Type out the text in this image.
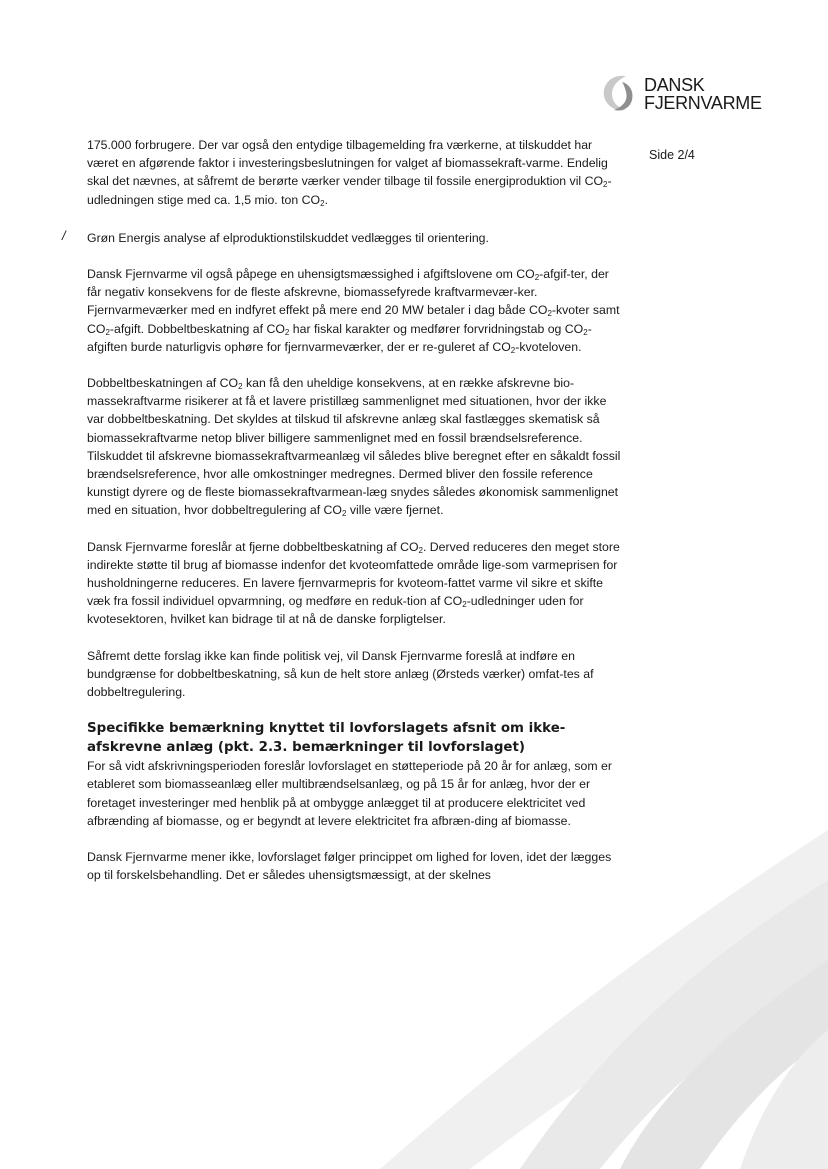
DANSK
FJERNVARME
Side 2/4
/

175.000 forbrugere. Der var også den entydige tilbagemelding fra værkerne, at tilskuddet har været en afgørende faktor i investeringsbeslutningen for valget af biomassekraft-varme. Endelig skal det nævnes, at såfremt de berørte værker vender tilbage til fossile energiproduktion vil $CO_2-$ udledningen stige med ca. 1,5 mio. ton $CO_2$.

Grøn Energis analyse af elproduktionstilskuddet vedlægges til orientering.

Dansk Fjernvarme vil også påpege en uhensigtsmæssighed i afgiftslovene om $CO_2-afgif$-ter, der får negativ konsekvens for de fleste afskrevne, biomassefyrede kraftvarmevær-ker. Fjernvarmeværker med en indfyret effekt på mere end 20 MW betaler i dag både $CO_2$-kvoter samt $CO_2$-afgift. Dobbeltbeskatning af $CO_2$ har fiskal karakter og medfører forvridningstab og $CO_2$-afgiften burde naturligvis ophøre for fjernvarmeværker, der er re-guleret af $CO_2$-kvoteloven.

Dobbeltbeskatningen af $CO_2$ kan få den uheldige konsekvens, at en række afskrevne bio-massekraftvarme risikerer at få et lavere pristillæg sammenlignet med situationen, hvor der ikke var dobbeltbeskatning. Det skyldes at tilskud til afskrevne anlæg skal fastlægges skematisk så biomassekraftvarme netop bliver billigere sammenlignet med en fossil brændselsreference. Tilskuddet til afskrevne biomassekraftvarmeanlæg vil således blive beregnet efter en såkaldt fossil brændselsreference, hvor alle omkostninger medregnes. Dermed bliver den fossile reference kunstigt dyrere og de fleste biomassekraftvarmean-læg snydes således økonomisk sammenlignet med en situation, hvor dobbeltregulering af $CO_2$ ville være fjernet.

Dansk Fjernvarme foreslår at fjerne dobbeltbeskatning af $CO_2$. Derved reduceres den meget store indirekte støtte til brug af biomasse indenfor det kvoteomfattede område lige-som varmeprisen for husholdningerne reduceres. En lavere fjernvarmepris for kvoteom-fattet varme vil sikre et skifte væk fra fossil individuel opvarmning, og medføre en reduk-tion af $CO_2$-udledninger uden for kvotesektoren, hvilket kan bidrage til at nå de danske forpligtelser.

Såfremt dette forslag ikke kan finde politisk vej, vil Dansk Fjernvarme foreslå at indføre en bundgrænse for dobbeltbeskatning, så kun de helt store anlæg (Ørsteds værker) omfat-tes af dobbeltregulering.

Specifikke bemærkning knyttet til lovforslagets afsnit om ikke-afskrevne anlæg (pkt. 2.3. bemærkninger til lovforslaget)

For så vidt afskrivningsperioden foreslår lovforslaget en støtteperiode på 20 år for anlæg, som er etableret som biomasseanlæg eller multibrændselsanlæg, og på 15 år for anlæg, hvor der er foretaget investeringer med henblik på at ombygge anlægget til at producere elektricitet ved afbrænding af biomasse, og er begyndt at levere elektricitet fra afbræn-ding af biomasse.

Dansk Fjernvarme mener ikke, lovforslaget følger princippet om lighed for loven, idet der lægges op til forskelsbehandling. Det er således uhensigtsmæssigt, at der skelnes
